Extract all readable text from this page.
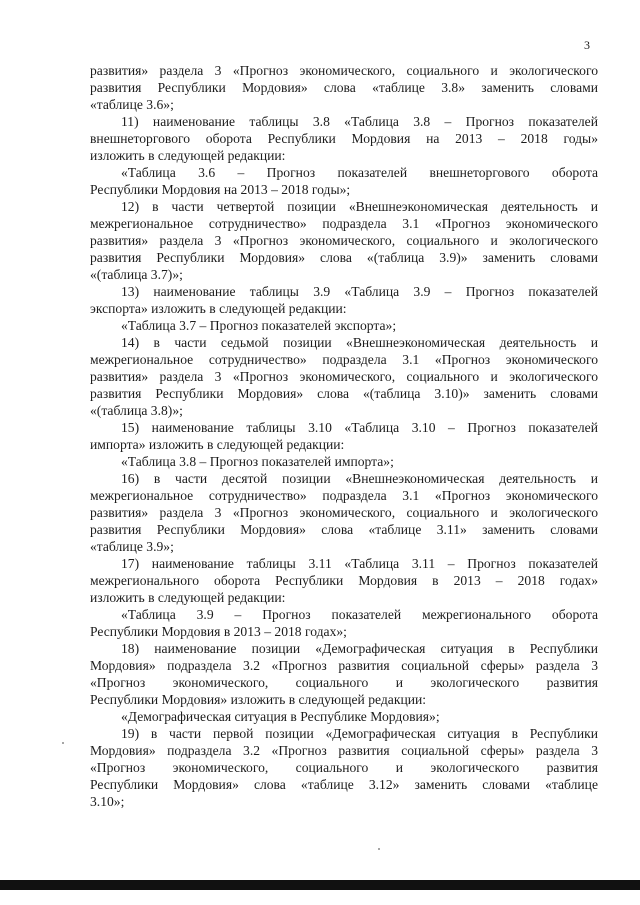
3
развития» раздела 3 «Прогноз экономического, социального и экологического
развития Республики Мордовия» слова «таблице 3.8» заменить словами
«таблице 3.6»;
11) наименование таблицы 3.8 «Таблица 3.8 – Прогноз показателей
внешнеторгового оборота Республики Мордовия на 2013 – 2018 годы»
изложить в следующей редакции:
«Таблица 3.6 – Прогноз показателей внешнеторгового оборота
Республики Мордовия на 2013 – 2018 годы»;
12) в части четвертой позиции «Внешнеэкономическая деятельность и
межрегиональное сотрудничество» подраздела 3.1 «Прогноз экономического
развития» раздела 3 «Прогноз экономического, социального и экологического
развития Республики Мордовия» слова «(таблица 3.9)» заменить словами
«(таблица 3.7)»;
13) наименование таблицы 3.9 «Таблица 3.9 – Прогноз показателей
экспорта» изложить в следующей редакции:
«Таблица 3.7 – Прогноз показателей экспорта»;
14) в части седьмой позиции «Внешнеэкономическая деятельность и
межрегиональное сотрудничество» подраздела 3.1 «Прогноз экономического
развития» раздела 3 «Прогноз экономического, социального и экологического
развития Республики Мордовия» слова «(таблица 3.10)» заменить словами
«(таблица 3.8)»;
15) наименование таблицы 3.10 «Таблица 3.10 – Прогноз показателей
импорта» изложить в следующей редакции:
«Таблица 3.8 – Прогноз показателей импорта»;
16) в части десятой позиции «Внешнеэкономическая деятельность и
межрегиональное сотрудничество» подраздела 3.1 «Прогноз экономического
развития» раздела 3 «Прогноз экономического, социального и экологического
развития Республики Мордовия» слова «таблице 3.11» заменить словами
«таблице 3.9»;
17) наименование таблицы 3.11 «Таблица 3.11 – Прогноз показателей
межрегионального оборота Республики Мордовия в 2013 – 2018 годах»
изложить в следующей редакции:
«Таблица 3.9 – Прогноз показателей межрегионального оборота
Республики Мордовия в 2013 – 2018 годах»;
18) наименование позиции «Демографическая ситуация в Республики
Мордовия» подраздела 3.2 «Прогноз развития социальной сферы» раздела 3
«Прогноз экономического, социального и экологического развития
Республики Мордовия» изложить в следующей редакции:
«Демографическая ситуация в Республике Мордовия»;
19) в части первой позиции «Демографическая ситуация в Республики
Мордовия» подраздела 3.2 «Прогноз развития социальной сферы» раздела 3
«Прогноз экономического, социального и экологического развития
Республики Мордовия» слова «таблице 3.12» заменить словами «таблице
3.10»;
